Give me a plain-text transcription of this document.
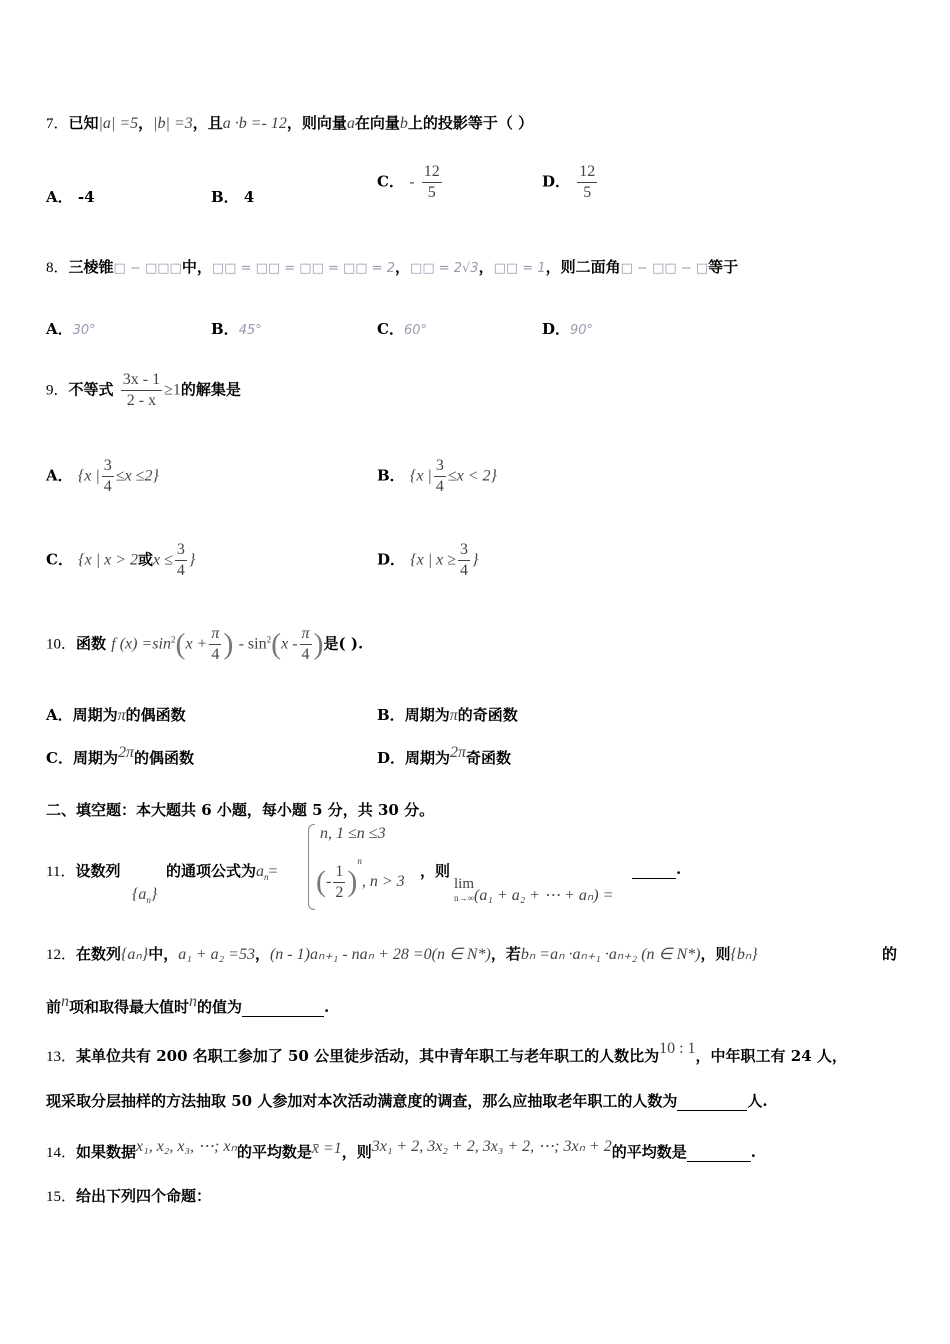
7．已知|a| =5，|b| =3，且a ·b =- 12，则向量a在向量b上的投影等于（ ）
A． -4	B． 4
C． - $\frac{12}{5}$	D． $\frac{12}{5}$
8．三棱锥□ − □□□中，□□ = □□ = □□ = □□ = 2，□□ = 2√3，□□ = 1，则二面角□ − □□ − □等于
A．30°	B．45°	C．60°	D．90°
9．不等式 $\frac{3x - 1}{2 - x} \ge 1$的解集是
A． {x | $\frac{3}{4} \le x \le 2$}	B． {x | $\frac{3}{4} \le x < 2$}
C． {x | x > 2或$x \le \frac{3}{4}$ }	D． {x | $x \ge \frac{3}{4}$ }
10．函数 f $(x) =\sin^2(x + \frac{\pi}{4}$ ) - $\sin^2(x - \frac{\pi}{4}$ )是( ).
A．周期为π的偶函数	B．周期为π的奇函数
C．周期为2π的偶函数	D．周期为2π奇函数
二、填空题：本大题共 6 小题，每小题 5 分，共 30 分。
11．设数列
$\{a_n\}$
的通项公式为$a_n=$
n, 1 ≤n ≤3
(- $\frac{1}{2} )^n$, n > 3
，则
lim
n→∞ (a₁ + a₂ + ⋯ + aₙ) =
.
12．在数列{aₙ}中，a₁ + a₂ =53，(n - 1)aₙ₊₁ - naₙ + 28 =0(n ∈ N*)，若bₙ =aₙ ·aₙ₊₁ ·aₙ₊₂ (n ∈ N*)，则{bₙ}	的
前n项和取得最大值时n的值为	.
13．某单位共有 200 名职工参加了 50 公里徒步活动，其中青年职工与老年职工的人数比为10 : 1，中年职工有 24 人，
现采取分层抽样的方法抽取 50 人参加对本次活动满意度的调查，那么应抽取老年职工的人数为	人.
14．如果数据x₁, x₂, x₃, ⋯; xₙ的平均数是x̄ =1，则3x₁ + 2, 3x₂ + 2, 3x₃ + 2, ⋯; 3xₙ + 2的平均数是	.
15．给出下列四个命题：
